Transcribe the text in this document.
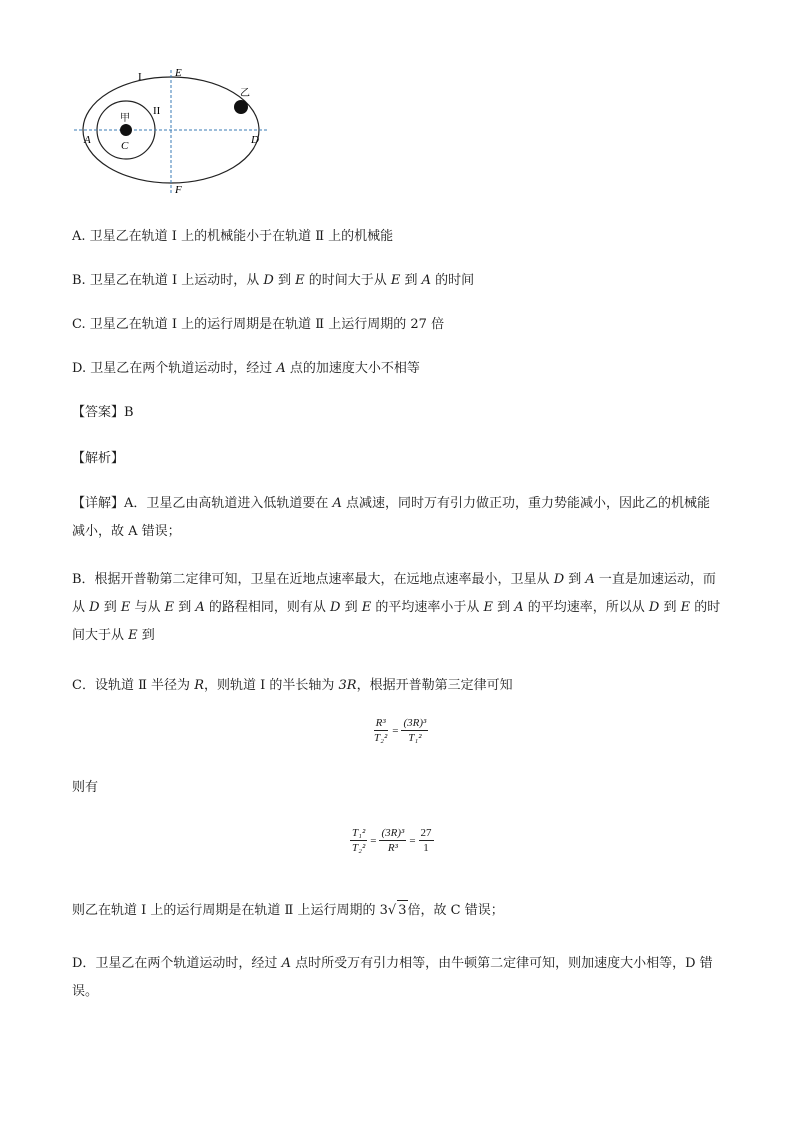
I
II
E
F
A	C	D
甲
乙
A. 卫星乙在轨道 I 上的机械能小于在轨道 Ⅱ 上的机械能
B. 卫星乙在轨道 I 上运动时，从 D 到 E 的时间大于从 E 到 A 的时间
C. 卫星乙在轨道 I 上的运行周期是在轨道 Ⅱ 上运行周期的 27 倍
D. 卫星乙在两个轨道运动时，经过 A 点的加速度大小不相等
【答案】B
【解析】
【详解】A．卫星乙由高轨道进入低轨道要在 A 点减速，同时万有引力做正功，重力势能减小，因此乙的机械能减小，故 A 错误；
B．根据开普勒第二定律可知，卫星在近地点速率最大，在远地点速率最小，卫星从 D 到 A 一直是加速运动，而从 D 到 E 与从 E 到 A 的路程相同，则有从 D 到 E 的平均速率小于从 E 到 A 的平均速率，所以从 D 到 E 的时间大于从 E 到
C．设轨道 Ⅱ 半径为 R，则轨道 I 的半长轴为 3R，根据开普勒第三定律可知
$\frac{\text{R³}}{\text{T₂²}} = \frac{\text{(3R)³}}{\text{T₁²}}$
则有
$\frac{\text{T₁²}}{\text{T₂²}} = \frac{\text{(3R)³}}{\text{R³}} = \frac{27}{1}$
则乙在轨道 I 上的运行周期是在轨道 Ⅱ 上运行周期的 3√ 3倍，故 C 错误；
D．卫星乙在两个轨道运动时，经过 A 点时所受万有引力相等，由牛顿第二定律可知，则加速度大小相等，D 错误。
